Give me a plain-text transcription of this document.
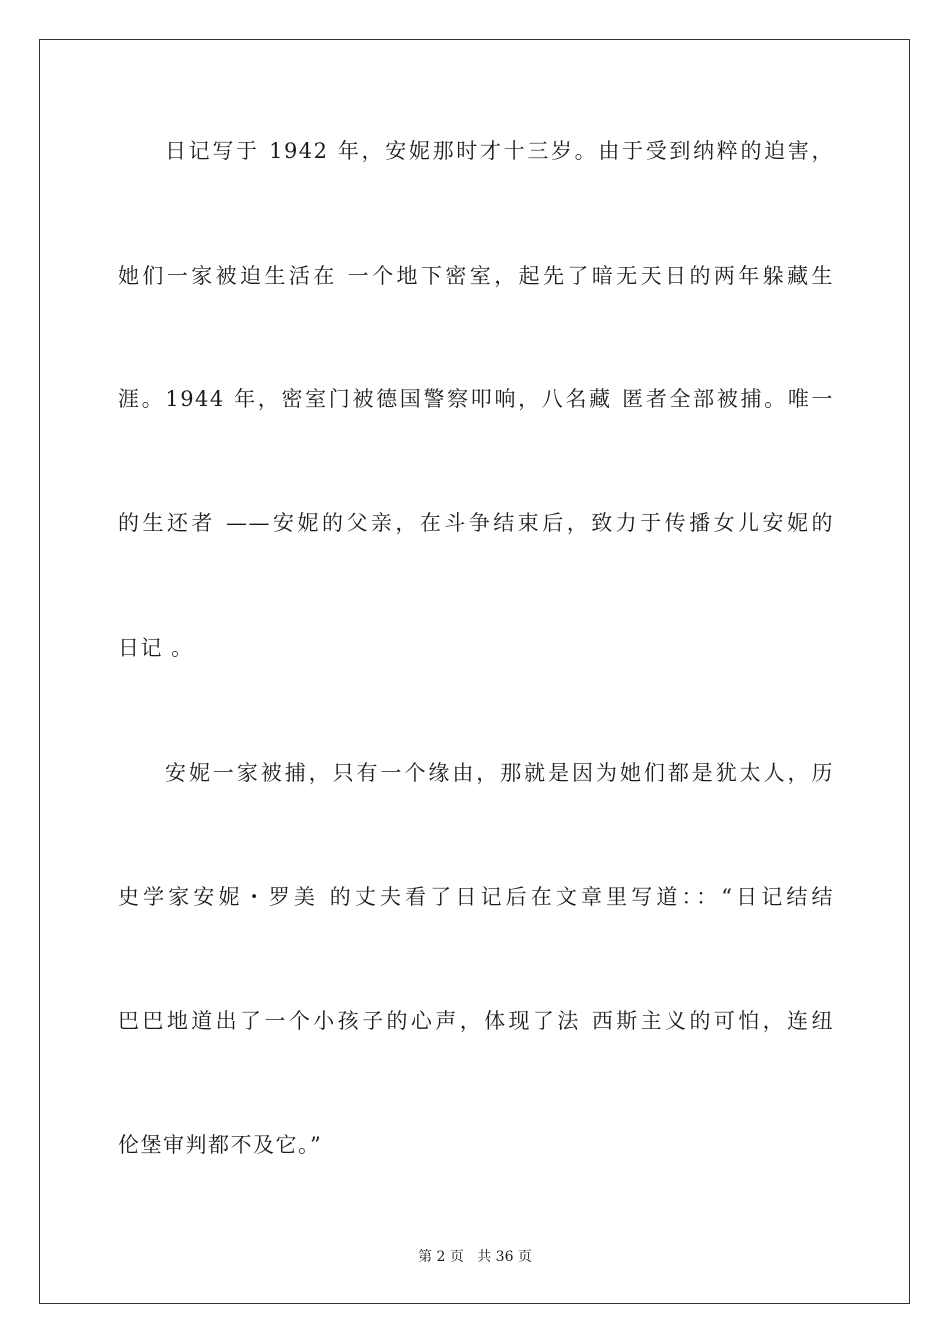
日记写于 1942 年，安妮那时才十三岁。由于受到纳粹的迫害，
她们一家被迫生活在 一个地下密室，起先了暗无天日的两年躲藏生
涯。1944 年，密室门被德国警察叩响，八名藏 匿者全部被捕。唯一
的生还者 ——安妮的父亲，在斗争结束后，致力于传播女儿安妮的
日记 。
安妮一家被捕，只有一个缘由，那就是因为她们都是犹太人，历
史学家安妮・罗美 的丈夫看了日记后在文章里写道：：“日记结结
巴巴地道出了一个小孩子的心声，体现了法 西斯主义的可怕，连纽
伦堡审判都不及它。”
第 2 页   共 36 页
